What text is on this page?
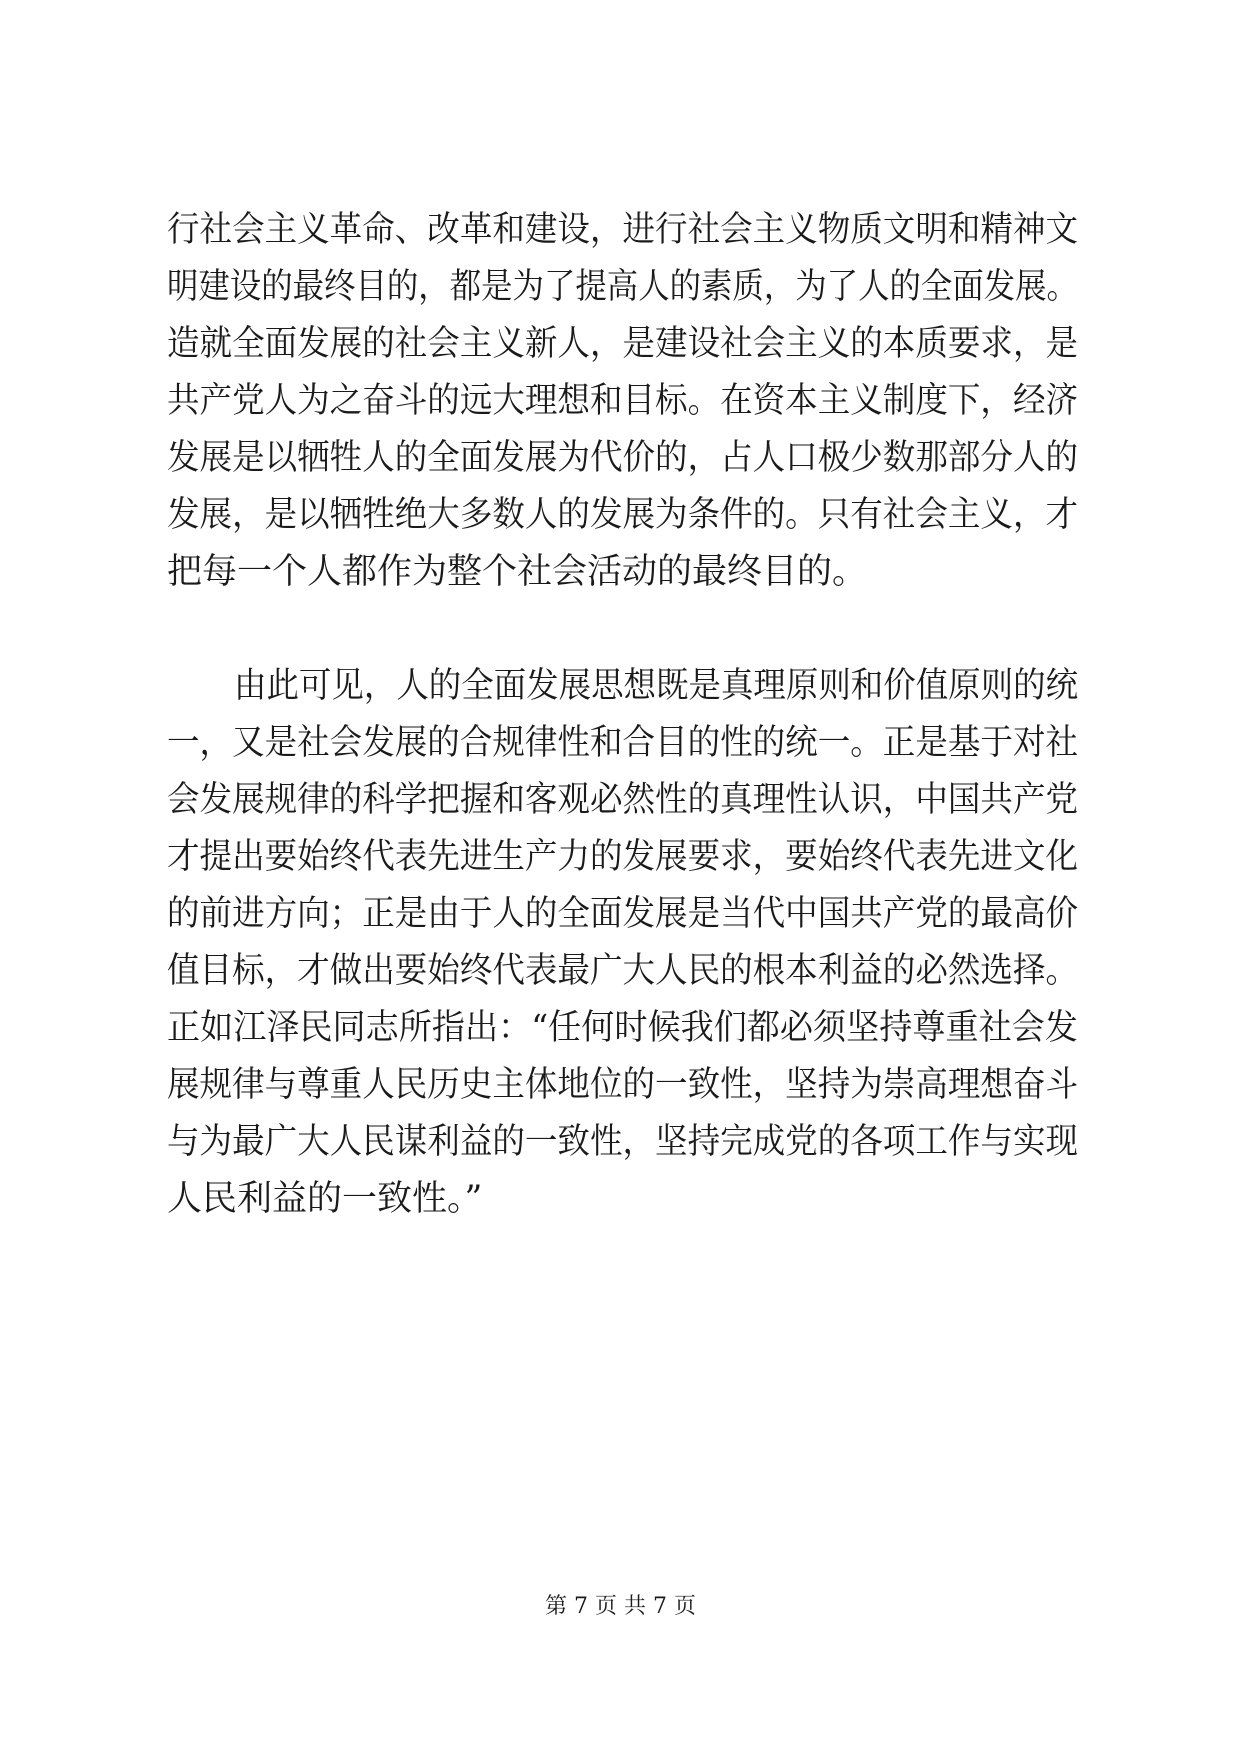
行社会主义革命、改革和建设，进行社会主义物质文明和精神文
明建设的最终目的，都是为了提高人的素质，为了人的全面发展。
造就全面发展的社会主义新人，是建设社会主义的本质要求，是
共产党人为之奋斗的远大理想和目标。在资本主义制度下，经济
发展是以牺牲人的全面发展为代价的，占人口极少数那部分人的
发展，是以牺牲绝大多数人的发展为条件的。只有社会主义，才
把每一个人都作为整个社会活动的最终目的。
由此可见，人的全面发展思想既是真理原则和价值原则的统
一，又是社会发展的合规律性和合目的性的统一。正是基于对社
会发展规律的科学把握和客观必然性的真理性认识，中国共产党
才提出要始终代表先进生产力的发展要求，要始终代表先进文化
的前进方向；正是由于人的全面发展是当代中国共产党的最高价
值目标，才做出要始终代表最广大人民的根本利益的必然选择。
正如江泽民同志所指出：“任何时候我们都必须坚持尊重社会发
展规律与尊重人民历史主体地位的一致性，坚持为崇高理想奋斗
与为最广大人民谋利益的一致性，坚持完成党的各项工作与实现
人民利益的一致性。”
第 7 页 共 7 页
